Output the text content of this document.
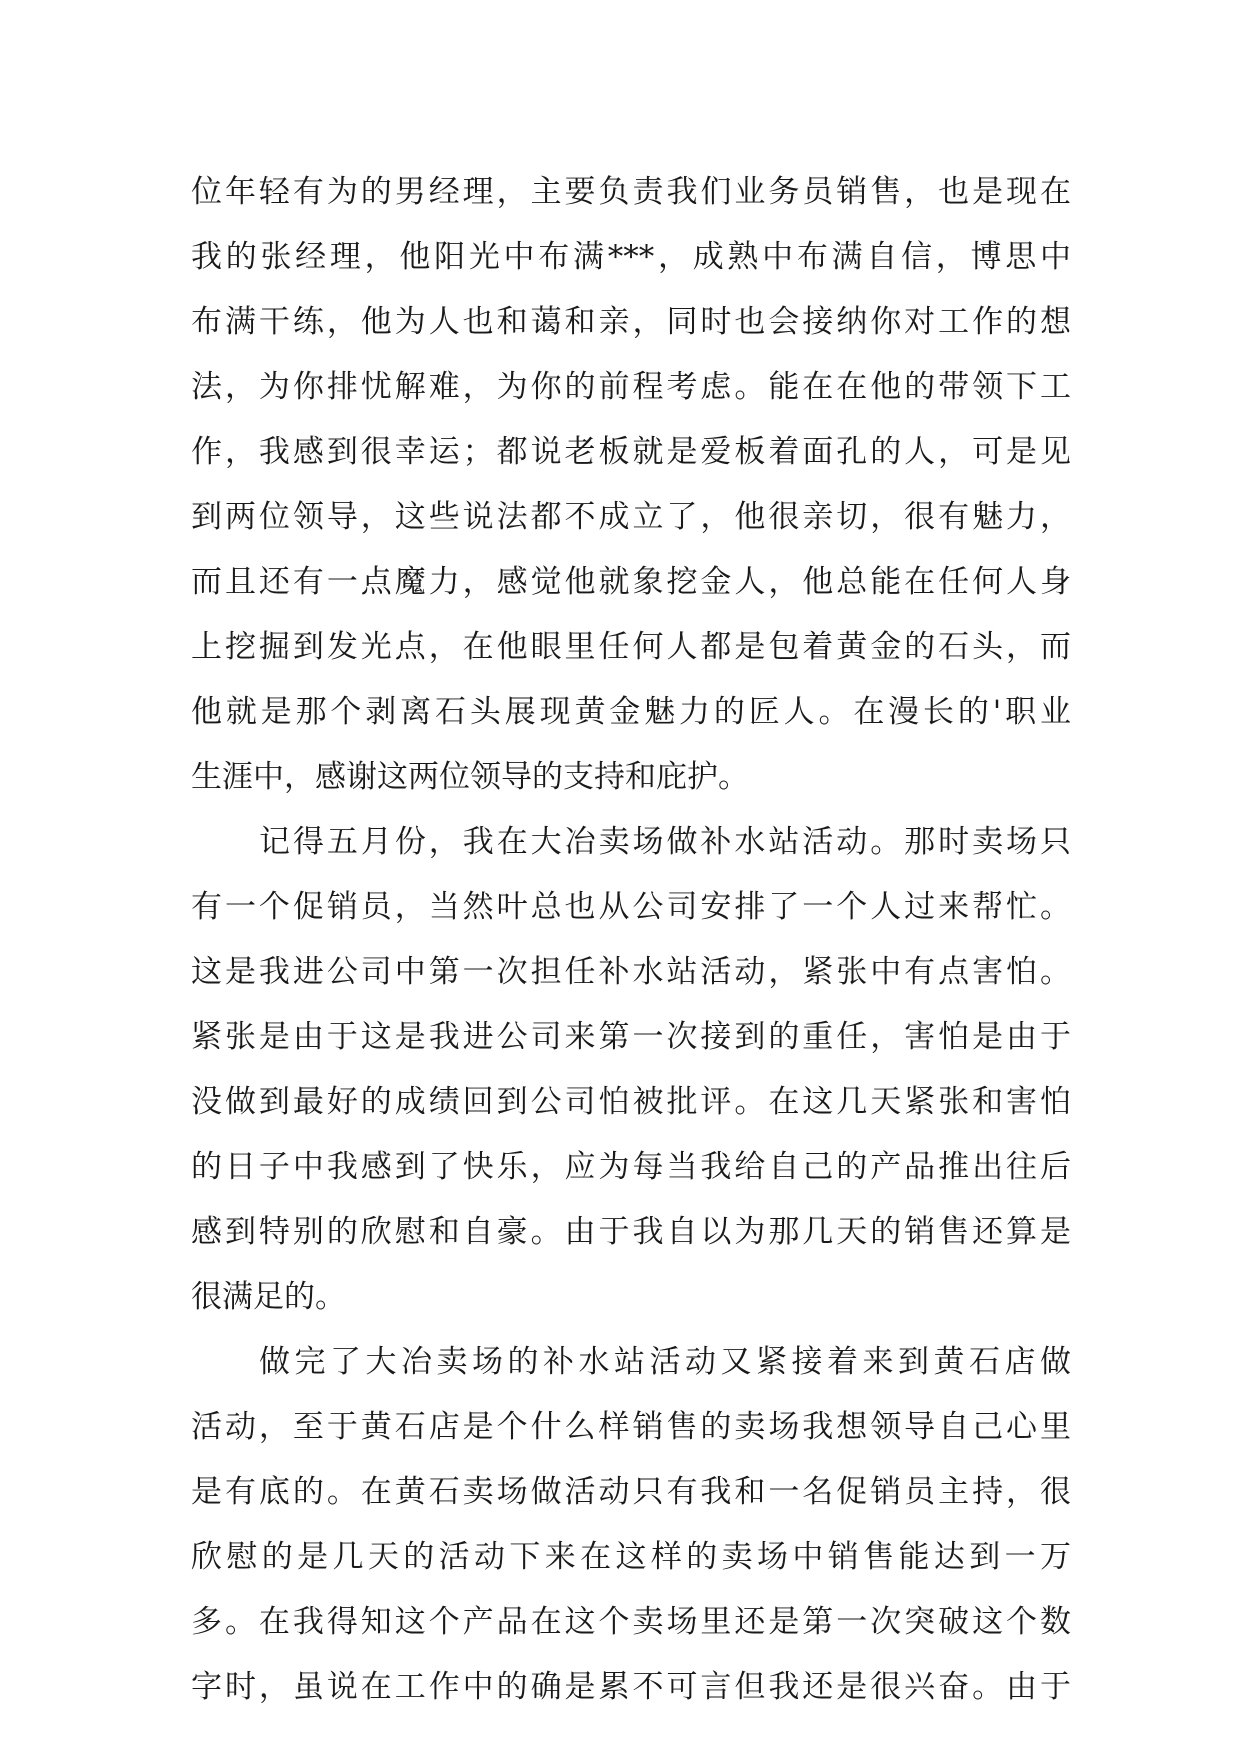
位年轻有为的男经理，主要负责我们业务员销售，也是现在
我的张经理，他阳光中布满***，成熟中布满自信，博思中
布满干练，他为人也和蔼和亲，同时也会接纳你对工作的想
法，为你排忧解难，为你的前程考虑。能在在他的带领下工
作，我感到很幸运；都说老板就是爱板着面孔的人，可是见
到两位领导，这些说法都不成立了，他很亲切，很有魅力，
而且还有一点魔力，感觉他就象挖金人，他总能在任何人身
上挖掘到发光点，在他眼里任何人都是包着黄金的石头，而
他就是那个剥离石头展现黄金魅力的匠人。在漫长的'职业
生涯中，感谢这两位领导的支持和庇护。
记得五月份，我在大冶卖场做补水站活动。那时卖场只
有一个促销员，当然叶总也从公司安排了一个人过来帮忙。
这是我进公司中第一次担任补水站活动，紧张中有点害怕。
紧张是由于这是我进公司来第一次接到的重任，害怕是由于
没做到最好的成绩回到公司怕被批评。在这几天紧张和害怕
的日子中我感到了快乐，应为每当我给自己的产品推出往后
感到特别的欣慰和自豪。由于我自以为那几天的销售还算是
很满足的。
做完了大冶卖场的补水站活动又紧接着来到黄石店做
活动，至于黄石店是个什么样销售的卖场我想领导自己心里
是有底的。在黄石卖场做活动只有我和一名促销员主持，很
欣慰的是几天的活动下来在这样的卖场中销售能达到一万
多。在我得知这个产品在这个卖场里还是第一次突破这个数
字时，虽说在工作中的确是累不可言但我还是很兴奋。由于
